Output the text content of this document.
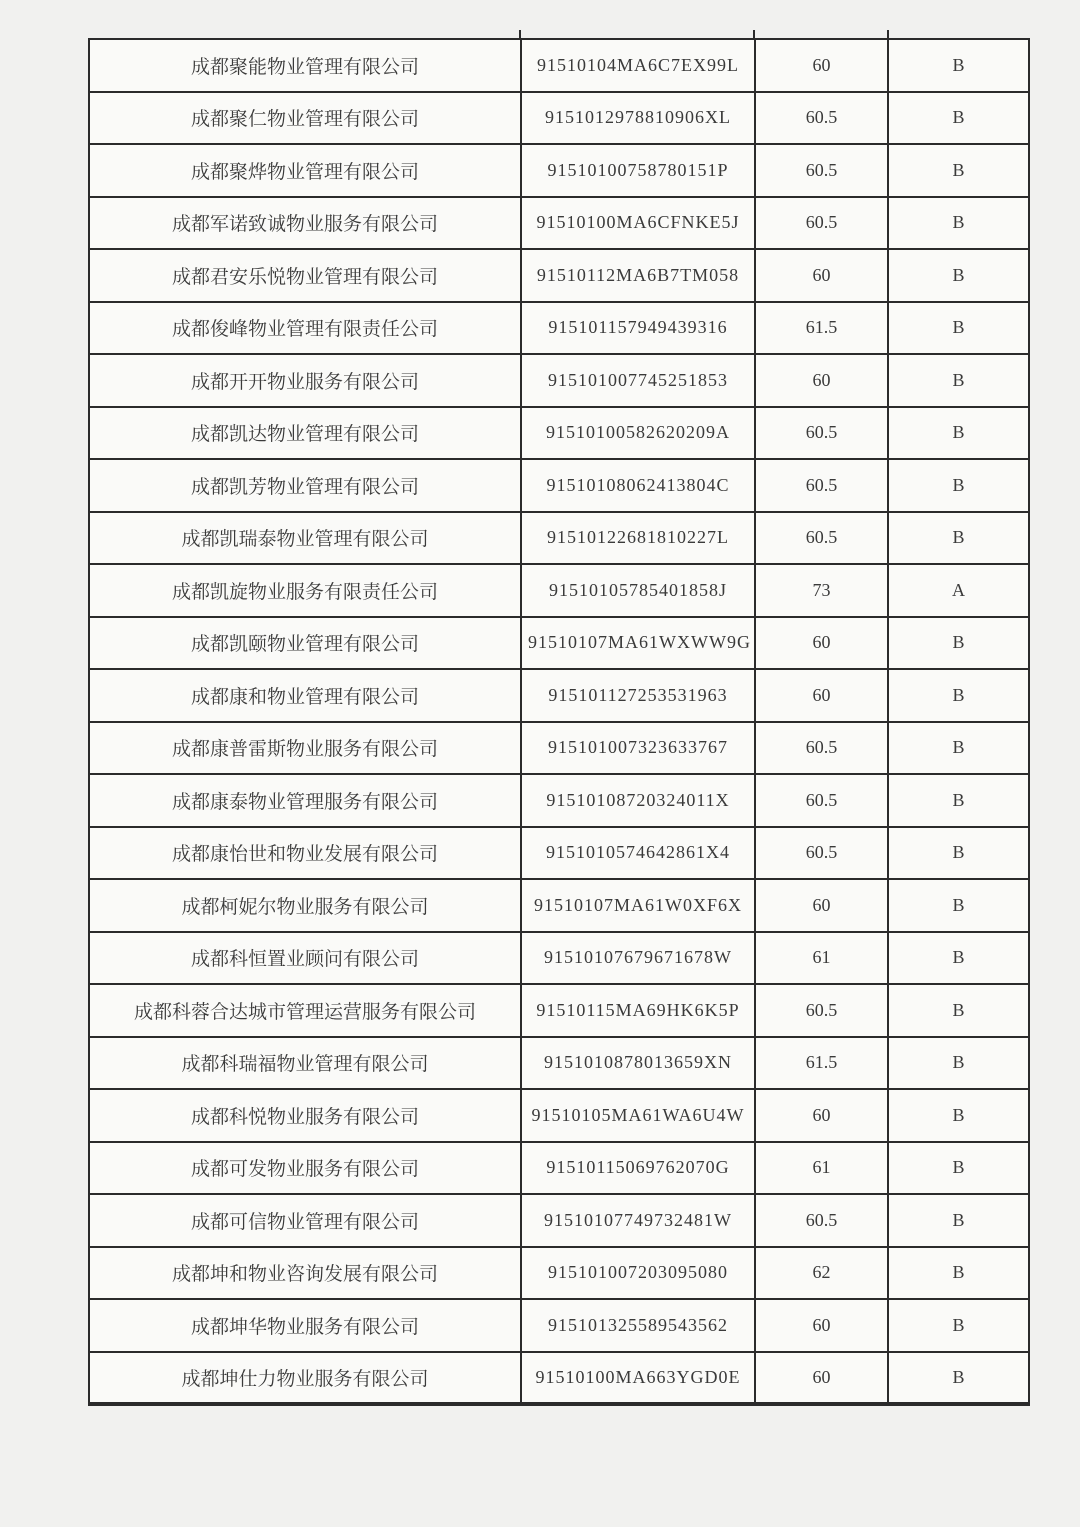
成都聚能物业管理有限公司	91510104MA6C7EX99L	60	B
成都聚仁物业管理有限公司	9151012978810906XL	60.5	B
成都聚烨物业管理有限公司	91510100758780151P	60.5	B
成都军诺致诚物业服务有限公司	91510100MA6CFNKE5J	60.5	B
成都君安乐悦物业管理有限公司	91510112MA6B7TM058	60	B
成都俊峰物业管理有限责任公司	915101157949439316	61.5	B
成都开开物业服务有限公司	915101007745251853	60	B
成都凯达物业管理有限公司	91510100582620209A	60.5	B
成都凯芳物业管理有限公司	91510108062413804C	60.5	B
成都凯瑞泰物业管理有限公司	91510122681810227L	60.5	B
成都凯旋物业服务有限责任公司	91510105785401858J	73	A
成都凯颐物业管理有限公司	91510107MA61WXWW9G	60	B
成都康和物业管理有限公司	915101127253531963	60	B
成都康普雷斯物业服务有限公司	915101007323633767	60.5	B
成都康泰物业管理服务有限公司	91510108720324011X	60.5	B
成都康怡世和物业发展有限公司	9151010574642861X4	60.5	B
成都柯妮尔物业服务有限公司	91510107MA61W0XF6X	60	B
成都科恒置业顾问有限公司	91510107679671678W	61	B
成都科蓉合达城市管理运营服务有限公司	91510115MA69HK6K5P	60.5	B
成都科瑞福物业管理有限公司	9151010878013659XN	61.5	B
成都科悦物业服务有限公司	91510105MA61WA6U4W	60	B
成都可发物业服务有限公司	91510115069762070G	61	B
成都可信物业管理有限公司	91510107749732481W	60.5	B
成都坤和物业咨询发展有限公司	915101007203095080	62	B
成都坤华物业服务有限公司	915101325589543562	60	B
成都坤仕力物业服务有限公司	91510100MA663YGD0E	60	B
